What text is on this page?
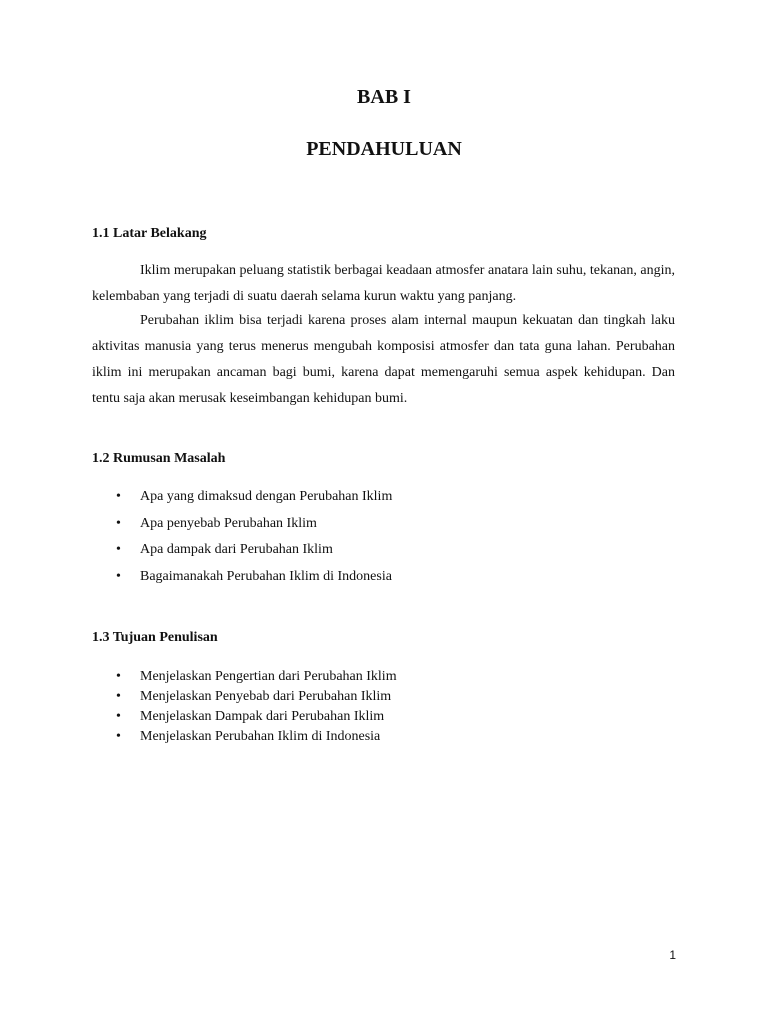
BAB I
PENDAHULUAN
1.1 Latar Belakang

Iklim merupakan peluang statistik berbagai keadaan atmosfer anatara lain suhu, tekanan, angin, kelembaban yang terjadi di suatu daerah selama kurun waktu yang panjang.

Perubahan iklim bisa terjadi karena proses alam internal maupun kekuatan dan tingkah laku aktivitas manusia yang terus menerus mengubah komposisi atmosfer dan tata guna lahan. Perubahan iklim ini merupakan ancaman bagi bumi, karena dapat memengaruhi semua aspek kehidupan. Dan tentu saja akan merusak keseimbangan kehidupan bumi.

1.2 Rumusan Masalah
• Apa yang dimaksud dengan Perubahan Iklim
• Apa penyebab Perubahan Iklim
• Apa dampak dari Perubahan Iklim
• Bagaimanakah Perubahan Iklim di Indonesia
1.3 Tujuan Penulisan
• Menjelaskan Pengertian dari Perubahan Iklim
• Menjelaskan Penyebab dari Perubahan Iklim
• Menjelaskan Dampak dari Perubahan Iklim
• Menjelaskan Perubahan Iklim di Indonesia
1
